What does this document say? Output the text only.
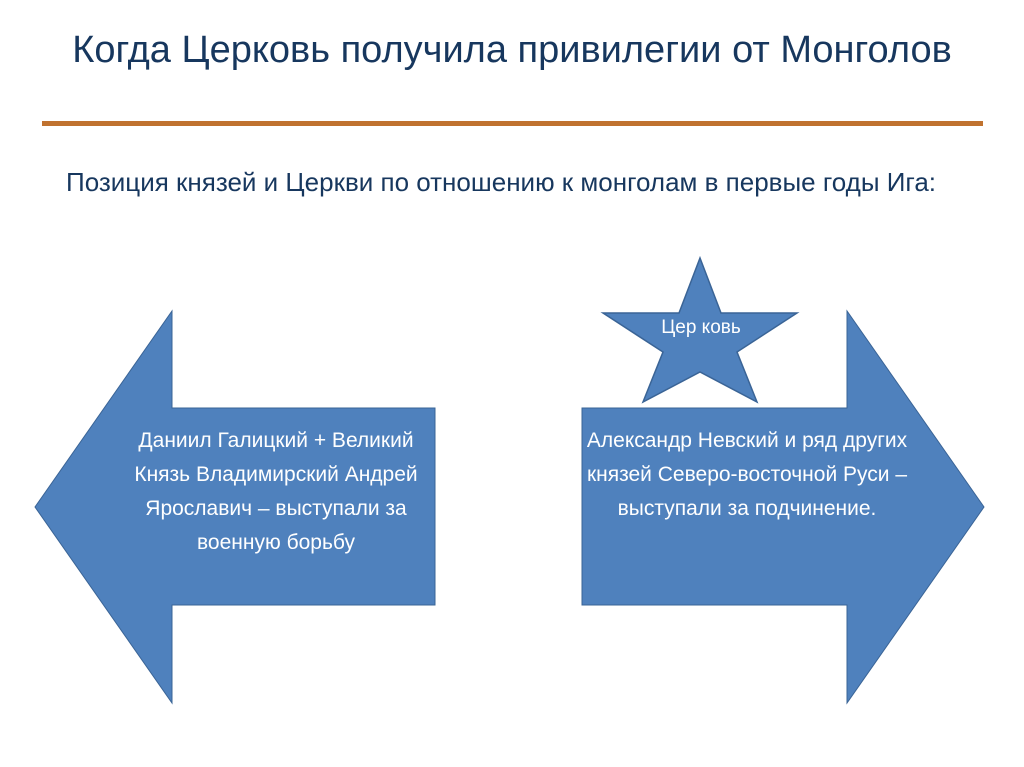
Когда Церковь получила привилегии от Монголов
Позиция князей и Церкви по отношению к монголам в первые годы Ига:
Даниил Галицкий + Великий Князь Владимирский Андрей Ярославич – выступали за военную борьбу
Александр Невский и ряд других князей Северо-восточной Руси – выступали за подчинение.
Цер ковь
